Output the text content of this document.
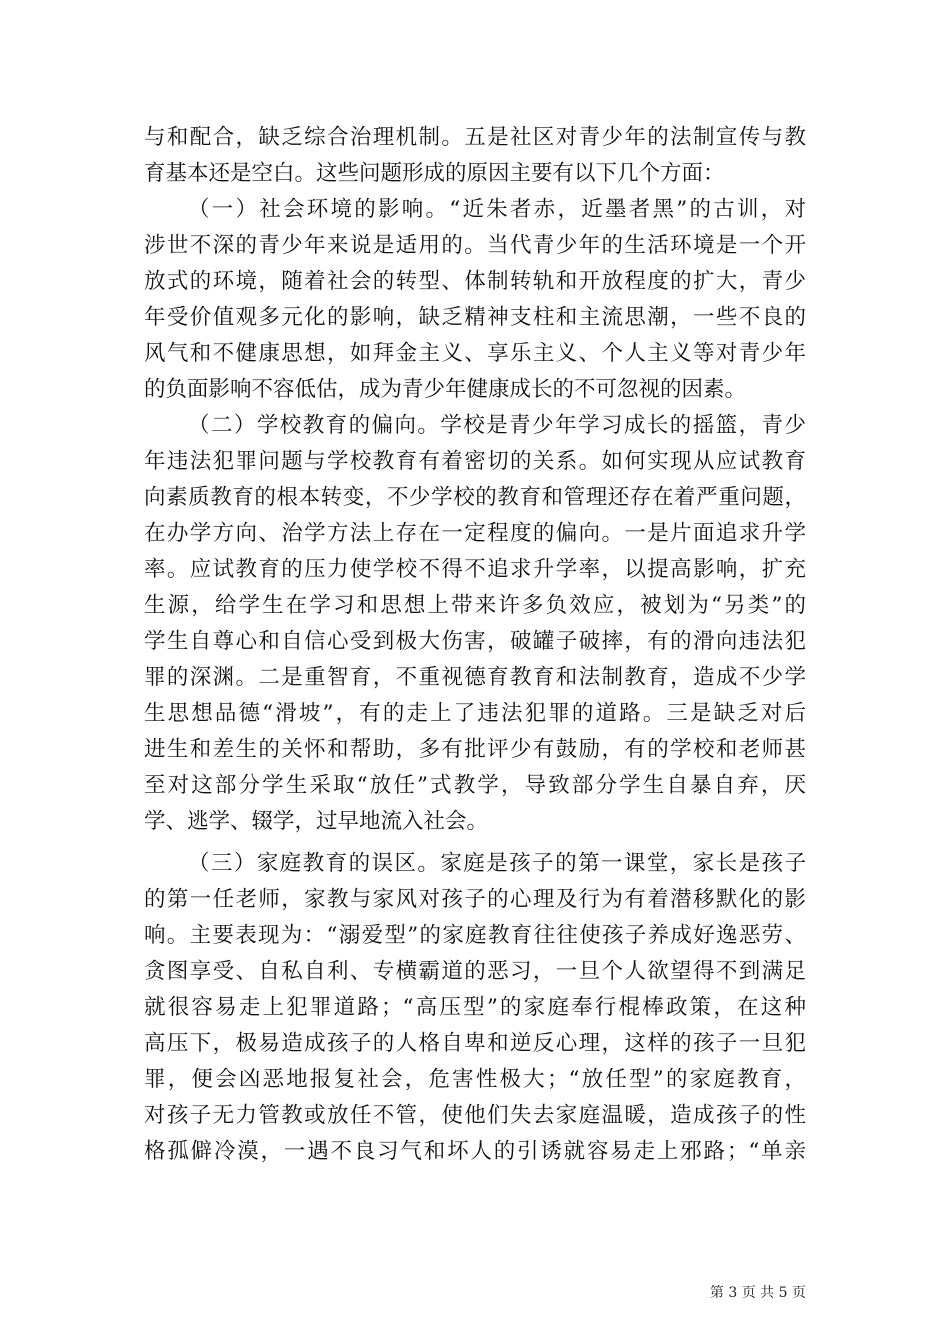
与和配合，缺乏综合治理机制。五是社区对青少年的法制宣传与教
育基本还是空白。这些问题形成的原因主要有以下几个方面：
（一）社会环境的影响。“近朱者赤，近墨者黑”的古训，对
涉世不深的青少年来说是适用的。当代青少年的生活环境是一个开
放式的环境，随着社会的转型、体制转轨和开放程度的扩大，青少
年受价值观多元化的影响，缺乏精神支柱和主流思潮，一些不良的
风气和不健康思想，如拜金主义、享乐主义、个人主义等对青少年
的负面影响不容低估，成为青少年健康成长的不可忽视的因素。
（二）学校教育的偏向。学校是青少年学习成长的摇篮，青少
年违法犯罪问题与学校教育有着密切的关系。如何实现从应试教育
向素质教育的根本转变，不少学校的教育和管理还存在着严重问题，
在办学方向、治学方法上存在一定程度的偏向。一是片面追求升学
率。应试教育的压力使学校不得不追求升学率，以提高影响，扩充
生源，给学生在学习和思想上带来许多负效应，被划为“另类”的
学生自尊心和自信心受到极大伤害，破罐子破摔，有的滑向违法犯
罪的深渊。二是重智育，不重视德育教育和法制教育，造成不少学
生思想品德“滑坡”，有的走上了违法犯罪的道路。三是缺乏对后
进生和差生的关怀和帮助，多有批评少有鼓励，有的学校和老师甚
至对这部分学生采取“放任”式教学，导致部分学生自暴自弃，厌
学、逃学、辍学，过早地流入社会。
（三）家庭教育的误区。家庭是孩子的第一课堂，家长是孩子
的第一任老师，家教与家风对孩子的心理及行为有着潜移默化的影
响。主要表现为：“溺爱型”的家庭教育往往使孩子养成好逸恶劳、
贪图享受、自私自利、专横霸道的恶习，一旦个人欲望得不到满足
就很容易走上犯罪道路；“高压型”的家庭奉行棍棒政策，在这种
高压下，极易造成孩子的人格自卑和逆反心理，这样的孩子一旦犯
罪，便会凶恶地报复社会，危害性极大；“放任型”的家庭教育，
对孩子无力管教或放任不管，使他们失去家庭温暖，造成孩子的性
格孤僻冷漠，一遇不良习气和坏人的引诱就容易走上邪路；“单亲
第 3 页 共 5 页
